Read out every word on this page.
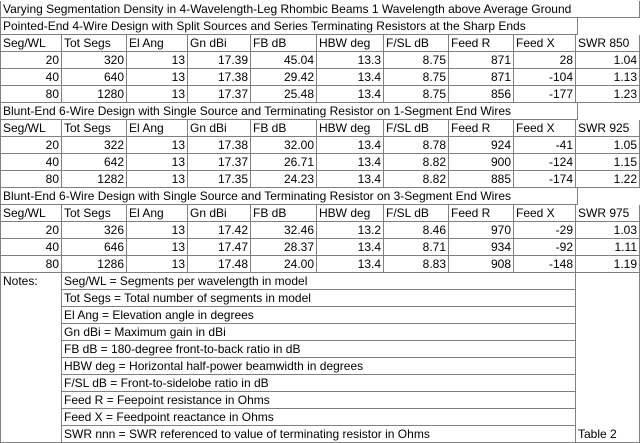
Varying Segmentation Density in 4-Wavelength-Leg Rhombic Beams 1 Wavelength above Average Ground
Pointed-End 4-Wire Design with Split Sources and Series Terminating Resistors at the Sharp Ends
Seg/WL	Tot Segs	El Ang	Gn dBi	FB dB	HBW deg	F/SL dB	Feed R	Feed X	SWR 850
20	320	13	17.39	45.04	13.3	8.75	871	28	1.04
40	640	13	17.38	29.42	13.4	8.75	871	-104	1.13
80	1280	13	17.37	25.48	13.4	8.75	856	-177	1.23
Blunt-End 6-Wire Design with Single Source and Terminating Resistor on 1-Segment End Wires
Seg/WL	Tot Segs	El Ang	Gn dBi	FB dB	HBW deg	F/SL dB	Feed R	Feed X	SWR 925
20	322	13	17.38	32.00	13.4	8.78	924	-41	1.05
40	642	13	17.37	26.71	13.4	8.82	900	-124	1.15
80	1282	13	17.35	24.23	13.4	8.82	885	-174	1.22
Blunt-End 6-Wire Design with Single Source and Terminating Resistor on 3-Segment End Wires
Seg/WL	Tot Segs	El Ang	Gn dBi	FB dB	HBW deg	F/SL dB	Feed R	Feed X	SWR 975
20	326	13	17.42	32.46	13.2	8.46	970	-29	1.03
40	646	13	17.47	28.37	13.4	8.71	934	-92	1.11
80	1286	13	17.48	24.00	13.4	8.83	908	-148	1.19
Notes:	Seg/WL = Segments per wavelength in model
Tot Segs = Total number of segments in model
El Ang = Elevation angle in degrees
Gn dBi = Maximum gain in dBi
FB dB = 180-degree front-to-back ratio in dB
HBW deg = Horizontal half-power beamwidth in degrees
F/SL dB = Front-to-sidelobe ratio in dB
Feed R = Feepoint resistance in Ohms
Feed X = Feedpoint reactance in Ohms
SWR nnn = SWR referenced to value of terminating resistor in Ohms	Table 2
